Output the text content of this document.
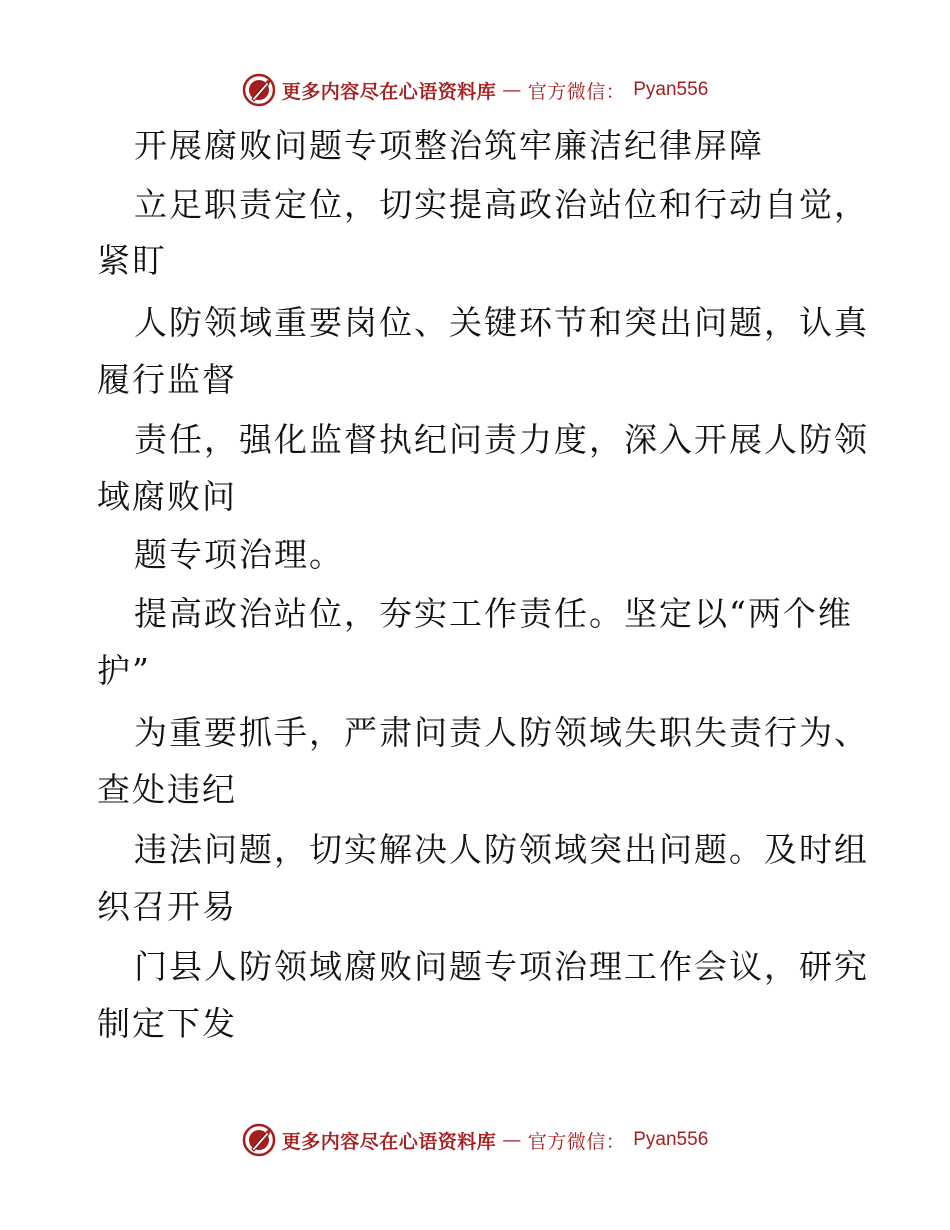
更多内容尽在心语资料库 — 官方微信： Pyan556
开展腐败问题专项整治筑牢廉洁纪律屏障
立足职责定位，切实提高政治站位和行动自觉，
紧盯
人防领域重要岗位、关键环节和突出问题，认真
履行监督
责任，强化监督执纪问责力度，深入开展人防领
域腐败问
题专项治理。
提高政治站位，夯实工作责任。坚定以“两个维
护”
为重要抓手，严肃问责人防领域失职失责行为、
查处违纪
违法问题，切实解决人防领域突出问题。及时组
织召开易
门县人防领域腐败问题专项治理工作会议，研究
制定下发
更多内容尽在心语资料库 — 官方微信： Pyan556
